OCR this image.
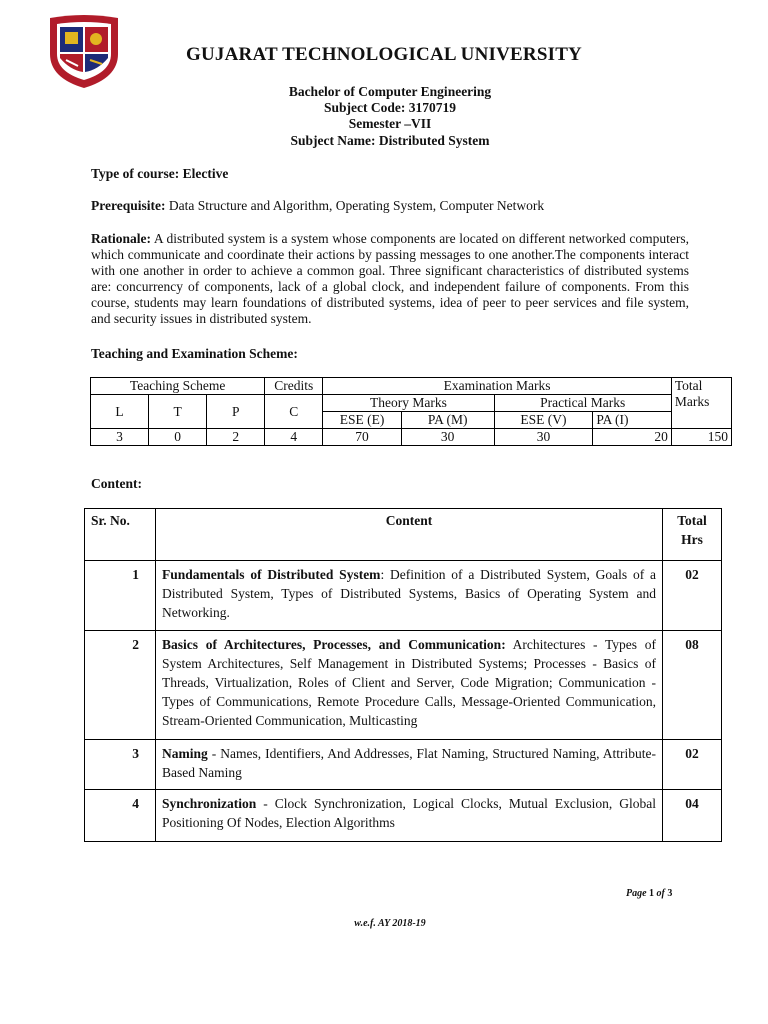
GUJARAT TECHNOLOGICAL UNIVERSITY
Bachelor of Computer Engineering
Subject Code: 3170719
Semester –VII
Subject Name: Distributed System
Type of course: Elective
Prerequisite: Data Structure and Algorithm, Operating System, Computer Network
Rationale: A distributed system is a system whose components are located on different networked computers, which communicate and coordinate their actions by passing messages to one another.The components interact with one another in order to achieve a common goal. Three significant characteristics of distributed systems are: concurrency of components, lack of a global clock, and independent failure of components. From this course, students may learn foundations of distributed systems, idea of peer to peer services and file system, and security issues in distributed system.
Teaching and Examination Scheme:
Teaching Scheme			Credits	Examination Marks				Total Marks
L	T	P	C	Theory Marks		Practical Marks		
				ESE (E)	PA (M)	ESE (V)	PA (I)	
3	0	2	4	70	30	30	20	150
Content:
Sr. No.	Content	Total
Hrs
1	Fundamentals of Distributed System: Definition of a Distributed System, Goals of a Distributed System, Types of Distributed Systems, Basics of Operating System and Networking.	02
2	Basics of Architectures, Processes, and Communication: Architectures - Types of System Architectures, Self Management in Distributed Systems; Processes - Basics of Threads, Virtualization, Roles of Client and Server, Code Migration; Communication - Types of Communications, Remote Procedure Calls, Message-Oriented Communication, Stream-Oriented Communication, Multicasting	08
3	Naming - Names, Identifiers, And Addresses, Flat Naming, Structured Naming, Attribute-Based Naming	02
4	Synchronization - Clock Synchronization, Logical Clocks, Mutual Exclusion, Global Positioning Of Nodes, Election Algorithms	04
Page 1 of 3
w.e.f. AY 2018-19
